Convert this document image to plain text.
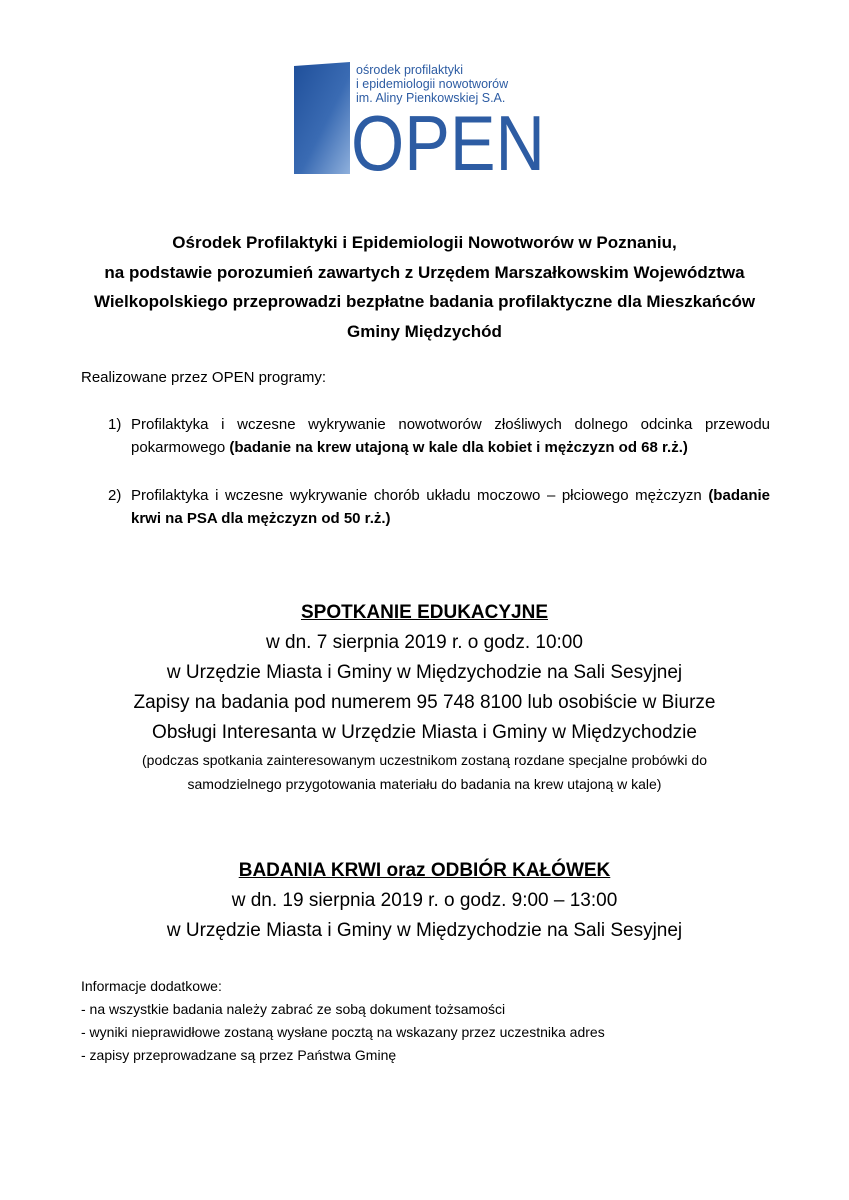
ośrodek profilaktyki
i epidemiologii nowotworów
im. Aliny Pienkowskiej S.A.
OPEN
Ośrodek Profilaktyki i Epidemiologii Nowotworów w Poznaniu,
na podstawie porozumień zawartych z Urzędem Marszałkowskim Województwa
Wielkopolskiego przeprowadzi bezpłatne badania profilaktyczne dla Mieszkańców
Gminy Międzychód
Realizowane przez OPEN programy:
1) Profilaktyka i wczesne wykrywanie nowotworów złośliwych dolnego odcinka przewodu pokarmowego (badanie na krew utajoną w kale dla kobiet i mężczyzn od 68 r.ż.)
2) Profilaktyka i wczesne wykrywanie chorób układu moczowo – płciowego mężczyzn (badanie krwi na PSA dla mężczyzn od 50 r.ż.)
SPOTKANIE EDUKACYJNE
w dn. 7 sierpnia 2019 r. o godz. 10:00
w Urzędzie Miasta i Gminy w Międzychodzie na Sali Sesyjnej
Zapisy na badania pod numerem 95 748 8100 lub osobiście w Biurze
Obsługi Interesanta w Urzędzie Miasta i Gminy w Międzychodzie
(podczas spotkania zainteresowanym uczestnikom zostaną rozdane specjalne probówki do
samodzielnego przygotowania materiału do badania na krew utajoną w kale)
BADANIA KRWI oraz ODBIÓR KAŁÓWEK
w dn. 19 sierpnia 2019 r. o godz. 9:00 – 13:00
w Urzędzie Miasta i Gminy w Międzychodzie na Sali Sesyjnej
Informacje dodatkowe:
- na wszystkie badania należy zabrać ze sobą dokument tożsamości
- wyniki nieprawidłowe zostaną wysłane pocztą na wskazany przez uczestnika adres
- zapisy przeprowadzane są przez Państwa Gminę
